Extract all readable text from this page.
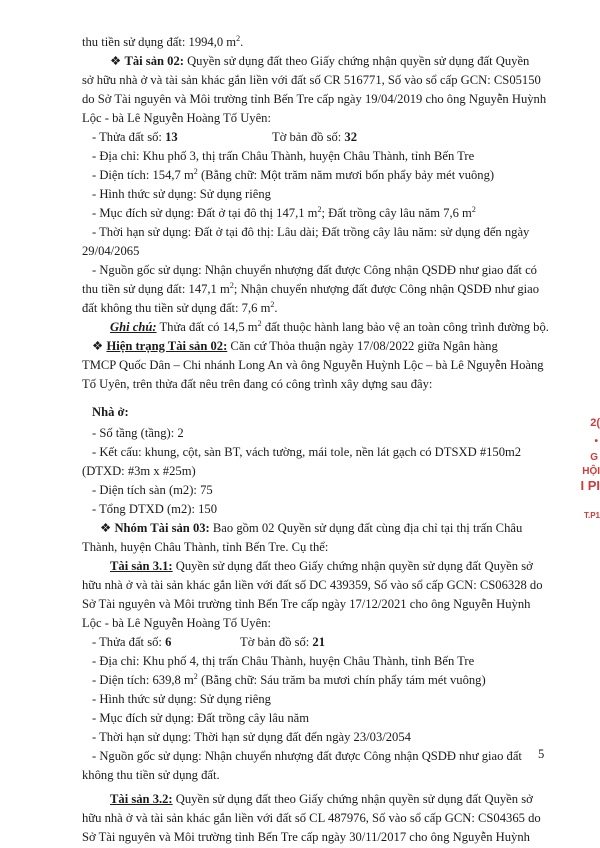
thu tiền sử dụng đất: 1994,0 $m^2$.
❖ Tài sản 02: Quyền sử dụng đất theo Giấy chứng nhận quyền sử dụng đất Quyền
sở hữu nhà ở và tài sản khác gắn liền với đất số CR 516771, Số vào sổ cấp GCN: CS05150
do Sở Tài nguyên và Môi trường tỉnh Bến Tre cấp ngày 19/04/2019 cho ông Nguyễn Huỳnh
Lộc - bà Lê Nguyễn Hoàng Tố Uyên:
- Thửa đất số: 13	Tờ bản đồ số: 32
- Địa chỉ: Khu phố 3, thị trấn Châu Thành, huyện Châu Thành, tỉnh Bến Tre
- Diện tích: 154,7 $m^2$ (Bằng chữ: Một trăm năm mươi bốn phẩy bảy mét vuông)
- Hình thức sử dụng: Sử dụng riêng
- Mục đích sử dụng: Đất ở tại đô thị 147,1 $m^2$; Đất trồng cây lâu năm 7,6 $m^2$
- Thời hạn sử dụng: Đất ở tại đô thị: Lâu dài; Đất trồng cây lâu năm: sử dụng đến ngày
29/04/2065
- Nguồn gốc sử dụng: Nhận chuyển nhượng đất được Công nhận QSDĐ như giao đất có
thu tiền sử dụng đất: 147,1 $m^2$; Nhận chuyển nhượng đất được Công nhận QSDĐ như giao
đất không thu tiền sử dụng đất: 7,6 $m^2$.
Ghi chú: Thửa đất có 14,5 $m^2$ đất thuộc hành lang bảo vệ an toàn công trình đường bộ.
❖ Hiện trạng Tài sản 02: Căn cứ Thỏa thuận ngày 17/08/2022 giữa Ngân hàng
TMCP Quốc Dân – Chi nhánh Long An và ông Nguyễn Huỳnh Lộc – bà Lê Nguyễn Hoàng
Tố Uyên, trên thửa đất nêu trên đang có công trình xây dựng sau đây:
Nhà ở:
- Số tầng (tầng): 2
- Kết cấu: khung, cột, sàn BT, vách tường, mái tole, nền lát gạch có DTSXD #150m2
(DTXD: #3m x #25m)
- Diện tích sàn (m2): 75
- Tổng DTXD (m2): 150
❖ Nhóm Tài sản 03: Bao gồm 02 Quyền sử dụng đất cùng địa chỉ tại thị trấn Châu
Thành, huyện Châu Thành, tỉnh Bến Tre. Cụ thể:
Tài sản 3.1: Quyền sử dụng đất theo Giấy chứng nhận quyền sử dụng đất Quyền sở
hữu nhà ở và tài sản khác gắn liền với đất số DC 439359, Số vào sổ cấp GCN: CS06328 do
Sở Tài nguyên và Môi trường tỉnh Bến Tre cấp ngày 17/12/2021 cho ông Nguyễn Huỳnh
Lộc - bà Lê Nguyễn Hoàng Tố Uyên:
- Thửa đất số: 6	Tờ bản đồ số: 21
- Địa chỉ: Khu phố 4, thị trấn Châu Thành, huyện Châu Thành, tỉnh Bến Tre
- Diện tích: 639,8 $m^2$ (Bằng chữ: Sáu trăm ba mươi chín phẩy tám mét vuông)
- Hình thức sử dụng: Sử dụng riêng
- Mục đích sử dụng: Đất trồng cây lâu năm
- Thời hạn sử dụng: Thời hạn sử dụng đất đến ngày 23/03/2054
- Nguồn gốc sử dụng: Nhận chuyển nhượng đất được Công nhận QSDĐ như giao đất
không thu tiền sử dụng đất.
Tài sản 3.2: Quyền sử dụng đất theo Giấy chứng nhận quyền sử dụng đất Quyền sở
hữu nhà ở và tài sản khác gắn liền với đất số CL 487976, Số vào sổ cấp GCN: CS04365 do
Sở Tài nguyên và Môi trường tỉnh Bến Tre cấp ngày 30/11/2017 cho ông Nguyễn Huỳnh
5
2(
•
G
HỘI
I PI
T.P1
